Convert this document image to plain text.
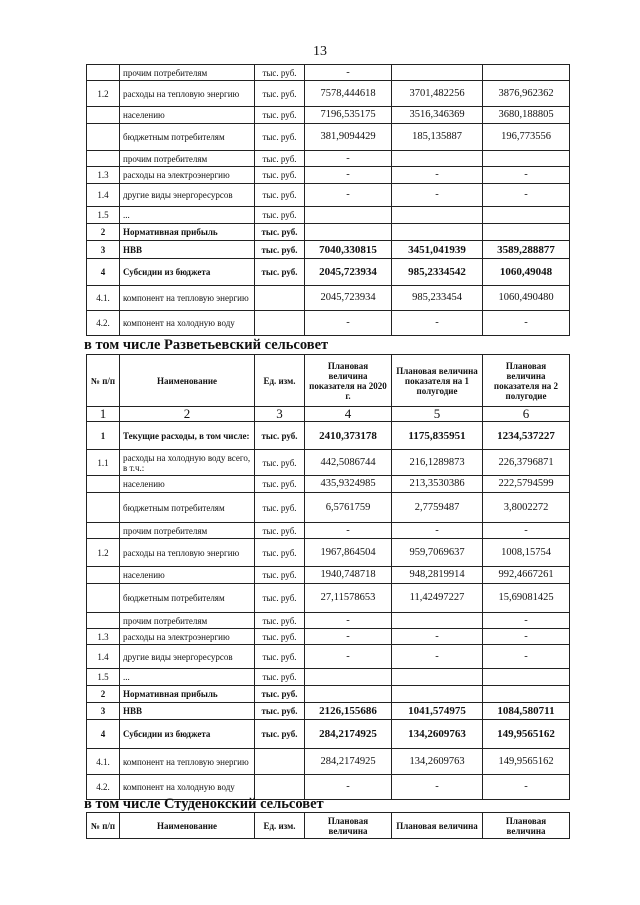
13
	прочим потребителям	тыс. руб.	-		
1.2	расходы на тепловую энергию	тыс. руб.	7578,444618	3701,482256	3876,962362
	населению	тыс. руб.	7196,535175	3516,346369	3680,188805
	бюджетным потребителям	тыс. руб.	381,9094429	185,135887	196,773556
	прочим потребителям	тыс. руб.	-		
1.3	расходы на электроэнергию	тыс. руб.	-	-	-
1.4	другие виды энергоресурсов	тыс. руб.	-	-	-
1.5	...	тыс. руб.			
2	Нормативная прибыль	тыс. руб.			
3	НВВ	тыс. руб.	7040,330815	3451,041939	3589,288877
4	Субсидии из бюджета	тыс. руб.	2045,723934	985,2334542	1060,49048
4.1.	компонент на тепловую энергию		2045,723934	985,233454	1060,490480
4.2.	компонент на холодную воду		-	-	-
в том числе Разветьевский сельсовет
№ п/п	Наименование	Ед. изм.	Плановая величина показателя на 2020 г.	Плановая величина показателя на 1 полугодие	Плановая величина показателя на 2 полугодие
1	2	3	4	5	6
1	Текущие расходы, в том числе:	тыс. руб.	2410,373178	1175,835951	1234,537227
1.1	расходы на холодную воду всего, в т.ч.:	тыс. руб.	442,5086744	216,1289873	226,3796871
	населению	тыс. руб.	435,9324985	213,3530386	222,5794599
	бюджетным потребителям	тыс. руб.	6,5761759	2,7759487	3,8002272
	прочим потребителям	тыс. руб.	-	-	-
1.2	расходы на тепловую энергию	тыс. руб.	1967,864504	959,7069637	1008,15754
	населению	тыс. руб.	1940,748718	948,2819914	992,4667261
	бюджетным потребителям	тыс. руб.	27,11578653	11,42497227	15,69081425
	прочим потребителям	тыс. руб.	-		-
1.3	расходы на электроэнергию	тыс. руб.	-	-	-
1.4	другие виды энергоресурсов	тыс. руб.	-	-	-
1.5	...	тыс. руб.			
2	Нормативная прибыль	тыс. руб.			
3	НВВ	тыс. руб.	2126,155686	1041,574975	1084,580711
4	Субсидии из бюджета	тыс. руб.	284,2174925	134,2609763	149,9565162
4.1.	компонент на тепловую энергию		284,2174925	134,2609763	149,9565162
4.2.	компонент на холодную воду		-	-	-
в том числе Студенокский сельсовет
№ п/п	Наименование	Ед. изм.	Плановая величина	Плановая величина	Плановая величина
